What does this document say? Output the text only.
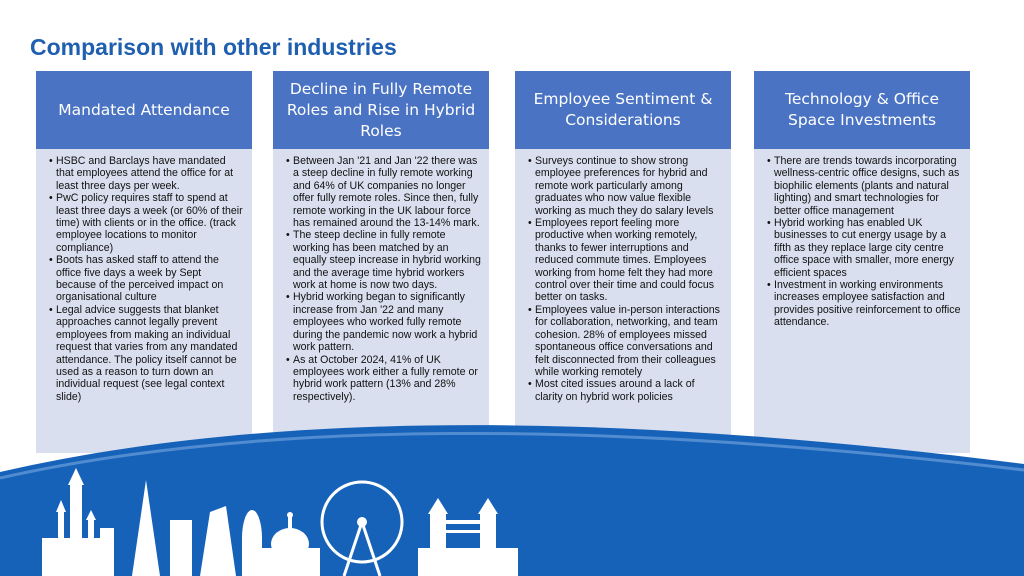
Comparison with other industries
Mandated Attendance
• HSBC and Barclays have mandated that employees attend the office for at least three days per week.
• PwC policy requires staff to spend at least three days a week (or 60% of their time) with clients or in the office. (track employee locations to monitor compliance)
• Boots has asked staff to attend the office five days a week by Sept because of the perceived impact on organisational culture
• Legal advice suggests that blanket approaches cannot legally prevent employees from making an individual request that varies from any mandated attendance. The policy itself cannot be used as a reason to turn down an individual request (see legal context slide)
Decline in Fully Remote Roles and Rise in Hybrid Roles
• Between Jan '21 and Jan '22 there was a steep decline in fully remote working and 64% of UK companies no longer offer fully remote roles. Since then, fully remote working in the UK labour force has remained around the 13-14% mark.
• The steep decline in fully remote working has been matched by an equally steep increase in hybrid working and the average time hybrid workers work at home is now two days.
• Hybrid working began to significantly increase from Jan '22 and many employees who worked fully remote during the pandemic now work a hybrid work pattern.
• As at October 2024, 41% of UK employees work either a fully remote or hybrid work pattern (13% and 28% respectively).
Employee Sentiment & Considerations
• Surveys continue to show strong employee preferences for hybrid and remote work particularly among graduates who now value flexible working as much they do salary levels
• Employees report feeling more productive when working remotely, thanks to fewer interruptions and reduced commute times. Employees working from home felt they had more control over their time and could focus better on tasks.
• Employees value in-person interactions for collaboration, networking, and team cohesion. 28% of employees missed spontaneous office conversations and felt disconnected from their colleagues while working remotely
• Most cited issues around a lack of clarity on hybrid work policies
Technology & Office Space Investments
• There are trends towards incorporating wellness-centric office designs, such as biophilic elements (plants and natural lighting) and smart technologies for better office management
• Hybrid working has enabled UK businesses to cut energy usage by a fifth as they replace large city centre office space with smaller, more energy efficient spaces
• Investment in working environments increases employee satisfaction and provides positive reinforcement to office attendance.
